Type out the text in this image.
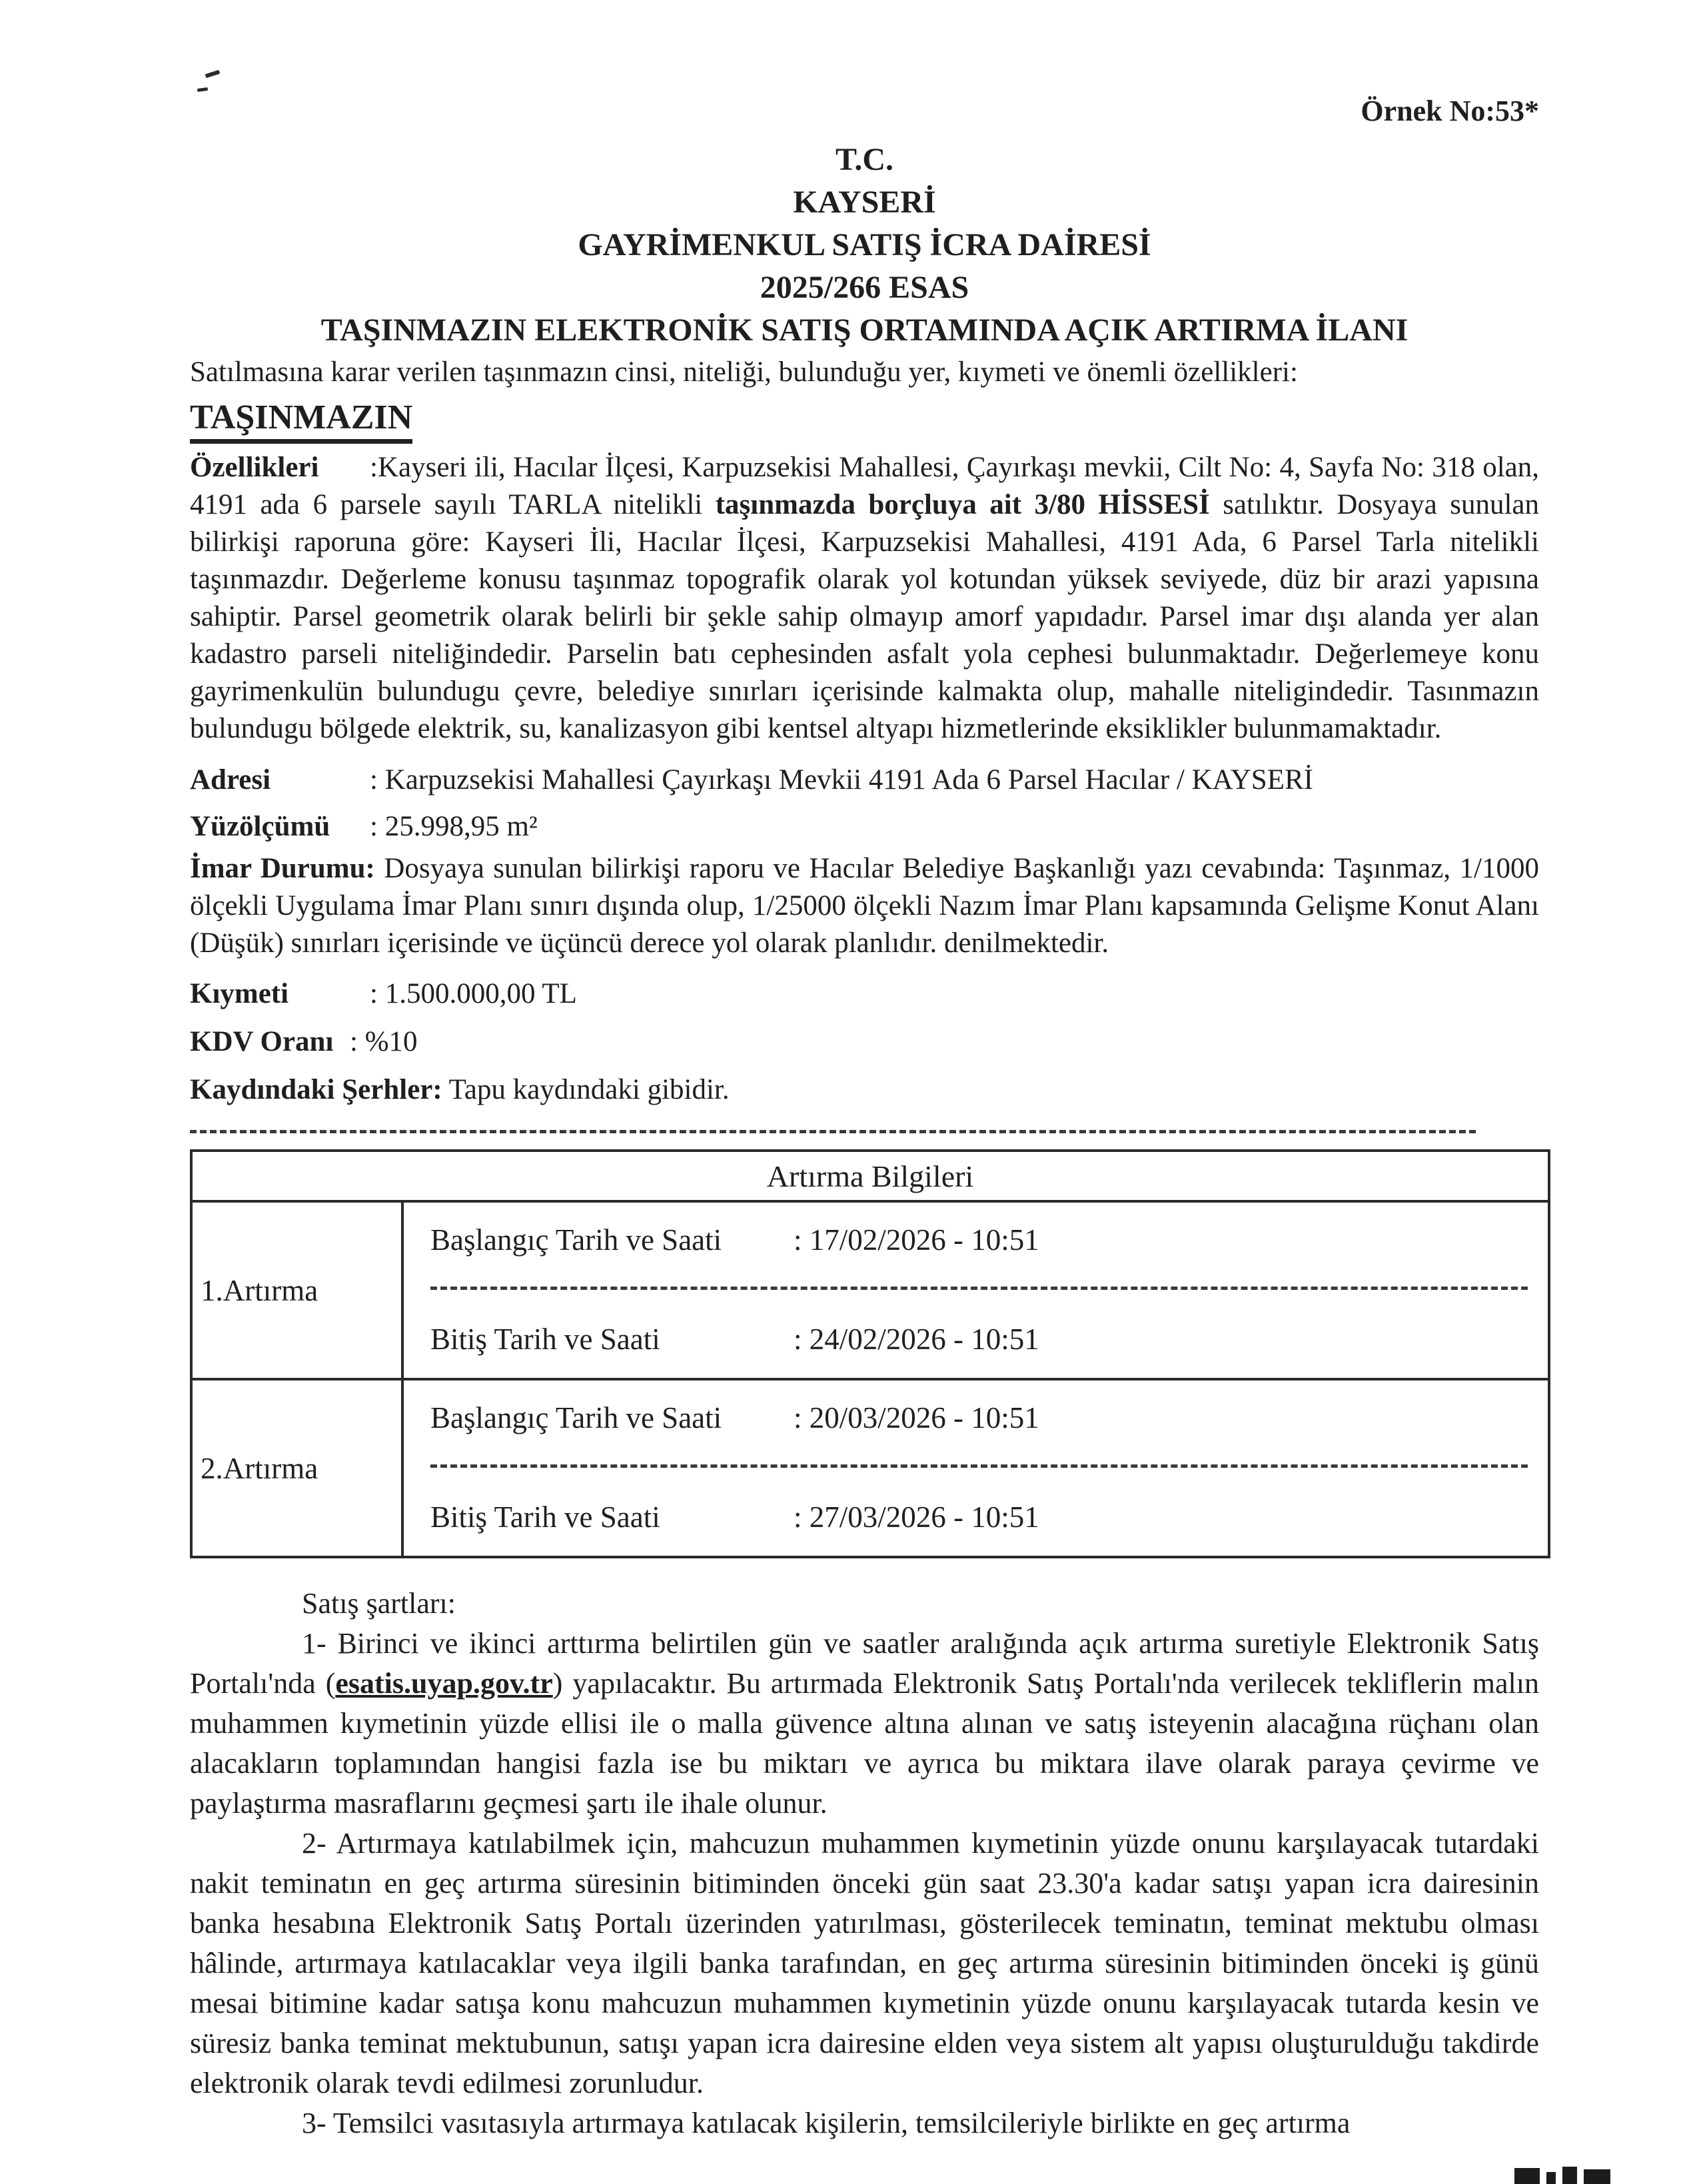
Örnek No:53*

T.C.
KAYSERİ
GAYRİMENKUL SATIŞ İCRA DAİRESİ
2025/266 ESAS
TAŞINMAZIN ELEKTRONİK SATIŞ ORTAMINDA AÇIK ARTIRMA İLANI

Satılmasına karar verilen taşınmazın cinsi, niteliği, bulunduğu yer, kıymeti ve önemli özellikleri:

TAŞINMAZIN

Özellikleri :Kayseri ili, Hacılar İlçesi, Karpuzsekisi Mahallesi, Çayırkaşı mevkii, Cilt No: 4, Sayfa No: 318 olan, 4191 ada 6 parsele sayılı TARLA nitelikli taşınmazda borçluya ait 3/80 HİSSESİ satılıktır. Dosyaya sunulan bilirkişi raporuna göre: Kayseri İli, Hacılar İlçesi, Karpuzsekisi Mahallesi, 4191 Ada, 6 Parsel Tarla nitelikli taşınmazdır. Değerleme konusu taşınmaz topografik olarak yol kotundan yüksek seviyede, düz bir arazi yapısına sahiptir. Parsel geometrik olarak belirli bir şekle sahip olmayıp amorf yapıdadır. Parsel imar dışı alanda yer alan kadastro parseli niteliğindedir. Parselin batı cephesinden asfalt yola cephesi bulunmaktadır. Değerlemeye konu gayrimenkulün bulundugu çevre, belediye sınırları içerisinde kalmakta olup, mahalle niteligindedir. Tasınmazın bulundugu bölgede elektrik, su, kanalizasyon gibi kentsel altyapı hizmetlerinde eksiklikler bulunmamaktadır.

Adresi	: Karpuzsekisi Mahallesi Çayırkaşı Mevkii 4191 Ada 6 Parsel Hacılar / KAYSERİ

Yüzölçümü : 25.998,95 m²

İmar Durumu: Dosyaya sunulan bilirkişi raporu ve Hacılar Belediye Başkanlığı yazı cevabında: Taşınmaz, 1/1000 ölçekli Uygulama İmar Planı sınırı dışında olup, 1/25000 ölçekli Nazım İmar Planı kapsamında Gelişme Konut Alanı (Düşük) sınırları içerisinde ve üçüncü derece yol olarak planlıdır. denilmektedir.

Kıymeti	: 1.500.000,00 TL

KDV Oranı : %10

Kaydındaki Şerhler: Tapu kaydındaki gibidir.

Artırma Bilgileri	
1.Artırma	Başlangıç Tarih ve Saati : 17/02/2026 - 10:51
Bitiş Tarih ve Saati : 24/02/2026 - 10:51

2.Artırma	Başlangıç Tarih ve Saati : 20/03/2026 - 10:51
Bitiş Tarih ve Saati : 27/03/2026 - 10:51

Satış şartları:

1- Birinci ve ikinci arttırma belirtilen gün ve saatler aralığında açık artırma suretiyle Elektronik Satış Portalı'nda (esatis.uyap.gov.tr) yapılacaktır. Bu artırmada Elektronik Satış Portalı'nda verilecek tekliflerin malın muhammen kıymetinin yüzde ellisi ile o malla güvence altına alınan ve satış isteyenin alacağına rüçhanı olan alacakların toplamından hangisi fazla ise bu miktarı ve ayrıca bu miktara ilave olarak paraya çevirme ve paylaştırma masraflarını geçmesi şartı ile ihale olunur.

2- Artırmaya katılabilmek için, mahcuzun muhammen kıymetinin yüzde onunu karşılayacak tutardaki nakit teminatın en geç artırma süresinin bitiminden önceki gün saat 23.30'a kadar satışı yapan icra dairesinin banka hesabına Elektronik Satış Portalı üzerinden yatırılması, gösterilecek teminatın, teminat mektubu olması hâlinde, artırmaya katılacaklar veya ilgili banka tarafından, en geç artırma süresinin bitiminden önceki iş günü mesai bitimine kadar satışa konu mahcuzun muhammen kıymetinin yüzde onunu karşılayacak tutarda kesin ve süresiz banka teminat mektubunun, satışı yapan icra dairesine elden veya sistem alt yapısı oluşturulduğu takdirde elektronik olarak tevdi edilmesi zorunludur.

3- Temsilci vasıtasıyla artırmaya katılacak kişilerin, temsilcileriyle birlikte en geç artırma
